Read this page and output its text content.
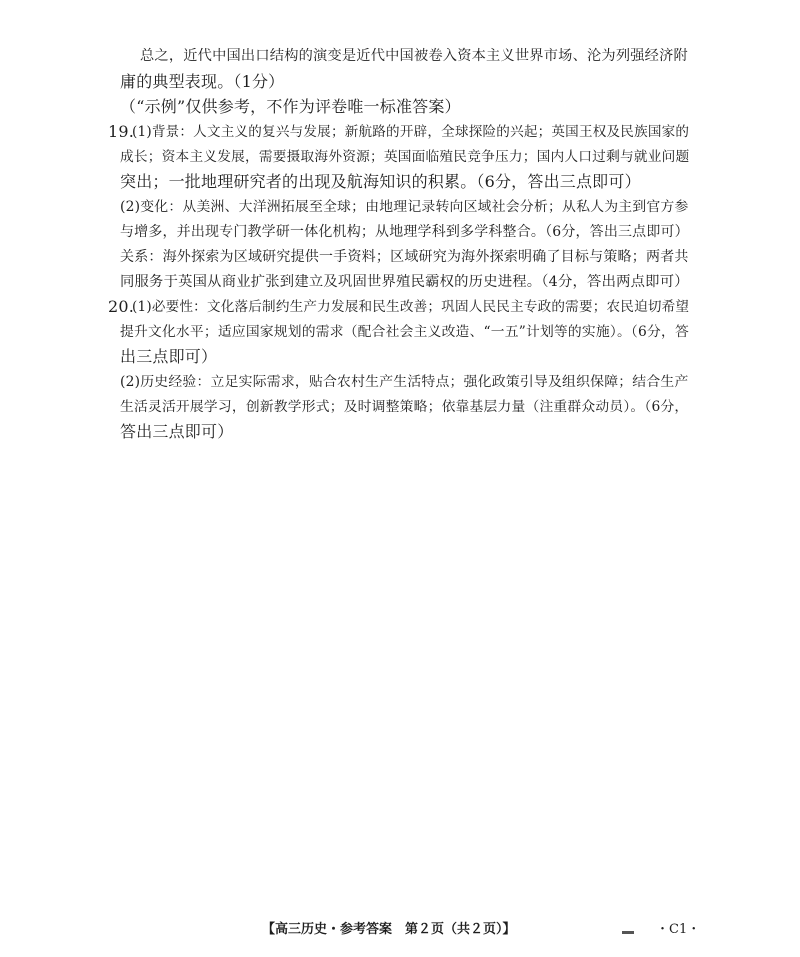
总之，近代中国出口结构的演变是近代中国被卷入资本主义世界市场、沦为列强经济附
庸的典型表现。（1分）
（“示例”仅供参考，不作为评卷唯一标准答案）
19.
(1)背景：人文主义的复兴与发展；新航路的开辟，全球探险的兴起；英国王权及民族国家的
成长；资本主义发展，需要摄取海外资源；英国面临殖民竞争压力；国内人口过剩与就业问题
突出；一批地理研究者的出现及航海知识的积累。（6分，答出三点即可）
(2)变化：从美洲、大洋洲拓展至全球；由地理记录转向区域社会分析；从私人为主到官方参
与增多，并出现专门教学研一体化机构；从地理学科到多学科整合。（6分，答出三点即可）
关系：海外探索为区域研究提供一手资料；区域研究为海外探索明确了目标与策略；两者共
同服务于英国从商业扩张到建立及巩固世界殖民霸权的历史进程。（4分，答出两点即可）
20.
(1)必要性：文化落后制约生产力发展和民生改善；巩固人民民主专政的需要；农民迫切希望
提升文化水平；适应国家规划的需求（配合社会主义改造、“一五”计划等的实施）。（6分，答
出三点即可）
(2)历史经验：立足实际需求，贴合农村生产生活特点；强化政策引导及组织保障；结合生产
生活灵活开展学习，创新教学形式；及时调整策略；依靠基层力量（注重群众动员）。（6分，
答出三点即可）
【高三历史・参考答案　第２页（共２页）】	・C1・
